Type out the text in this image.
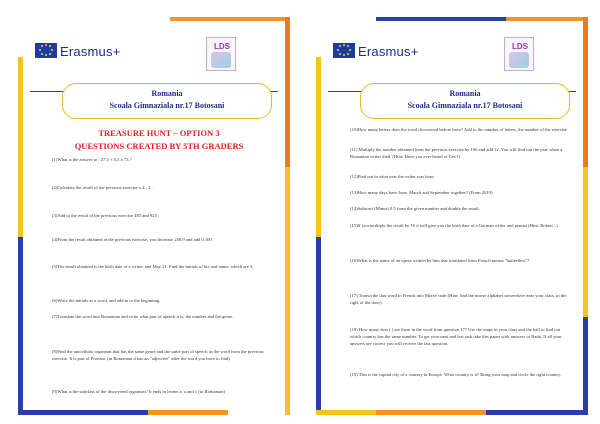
Erasmus+	LDS
Romania
Scoala Gimnaziala nr.17 Botosani
TREASURE HUNT – OPTION 3
QUESTIONS CREATED BY 5TH GRADERS
(1)What is the answer to : 27,3 + 0,5 x 73 ?
(2)Calculate the result of the previous exercise x 4 : 2 .
(3)Add to the result of the previous exercise 485 and 925 .
(4)From the result obtained in the previous exercise, you decrease 250,9 and add 0,100 .
(5)The result obtained is the birth date of a writer, and May 21. Find the initials of his real name, which are 3.
(6)Write the initials as a word, and add m to the beginning.
(7)Translate the word into Romanian and write what part of speech it is, the number and the genre.
(8)Find the unicellular organism that has the same genre and the same part of speech as the word from the previous exercise. It is part of Protista. (in Romanian it has an "adjective" after the word you have to find)
(9)What is the subclass of the discovered organism? It ends in letters a, a and r. (in Romanian)
Erasmus+	LDS
Romania
Scoala Gimnaziala nr.17 Botosani
(10)How many letters does the word discovered before have? Add to the number of letters, the number of the exercise.
(11) Multiply the number obtained from the previous exercise by 100 and add 12. You will find out the year when a Romanian writer died. (Hint: Have you ever heard of Geo?)
(12)Find out in what year the writer was born.
(13)How many days have June, March and September together? (From 2019)
(14)Subtract (Minus) 0.5 from the given number and double the result.
(15)If you multiply the result by 10 it will give you the birth date of a German writer and pianist (Hint: Robert...)
(16)What is the name of an opera written by him that translated from French means "butterflies"?
(17) Transcribe that word to French into Morse code (Hint: find the morse alphabet somewhere near your class, to the right of the door).
(18) How many dots (.) are there in the word from question 17? Use the maps in your class and the hall to find out which country has the same number. To get your next and last task take this paper with answers to Radu. If all your answers are correct you will receive the last question.
(19) This is the capital city of a country in Europe. What country is it? Bring your map and circle the right country.
